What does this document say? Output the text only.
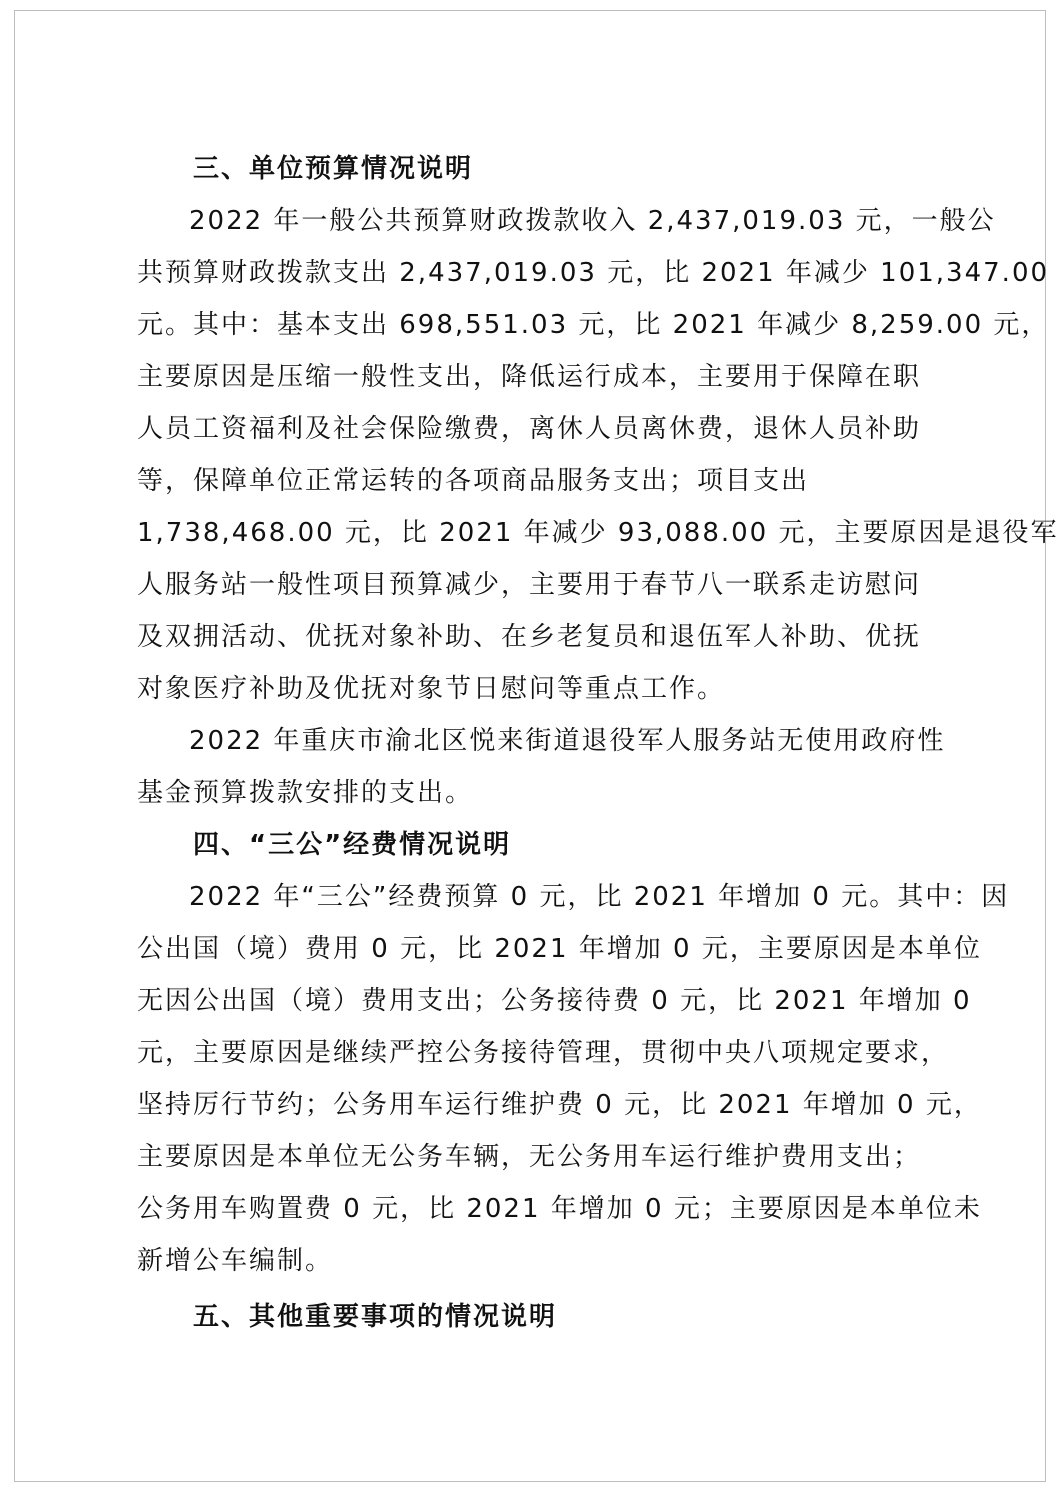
三、单位预算情况说明
2022 年一般公共预算财政拨款收入 2,437,019.03 元，一般公
共预算财政拨款支出 2,437,019.03 元，比 2021 年减少 101,347.00
元。其中：基本支出 698,551.03 元，比 2021 年减少 8,259.00 元，
主要原因是压缩一般性支出，降低运行成本，主要用于保障在职
人员工资福利及社会保险缴费，离休人员离休费，退休人员补助
等，保障单位正常运转的各项商品服务支出；项目支出
1,738,468.00 元，比 2021 年减少 93,088.00 元，主要原因是退役军
人服务站一般性项目预算减少，主要用于春节八一联系走访慰问
及双拥活动、优抚对象补助、在乡老复员和退伍军人补助、优抚
对象医疗补助及优抚对象节日慰问等重点工作。
2022 年重庆市渝北区悦来街道退役军人服务站无使用政府性
基金预算拨款安排的支出。
四、“三公”经费情况说明
2022 年“三公”经费预算 0 元，比 2021 年增加 0 元。其中：因
公出国（境）费用 0 元，比 2021 年增加 0 元，主要原因是本单位
无因公出国（境）费用支出；公务接待费 0 元，比 2021 年增加 0
元，主要原因是继续严控公务接待管理，贯彻中央八项规定要求，
坚持厉行节约；公务用车运行维护费 0 元，比 2021 年增加 0 元，
主要原因是本单位无公务车辆，无公务用车运行维护费用支出；
公务用车购置费 0 元，比 2021 年增加 0 元；主要原因是本单位未
新增公车编制。
五、其他重要事项的情况说明
